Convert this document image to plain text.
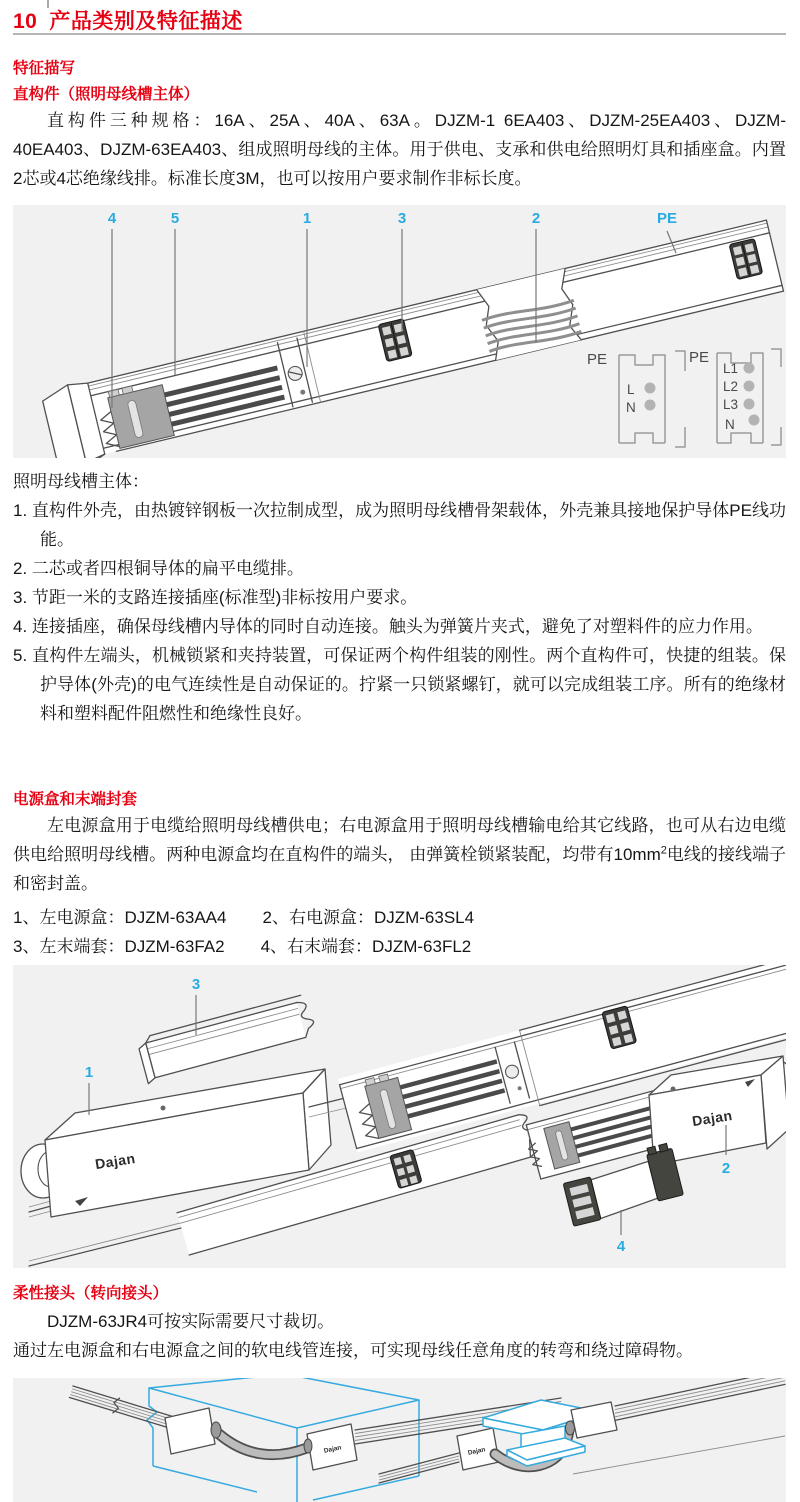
10 产品类别及特征描述
特征描写
直构件（照明母线槽主体）
直构件三种规格：16A、25A、40A、63A。DJZM-1 6EA403、DJZM-25EA403、DJZM-40EA403、DJZM-63EA403、组成照明母线的主体。用于供电、支承和供电给照明灯具和插座盒。内置2芯或4芯绝缘线排。标准长度3M，也可以按用户要求制作非标长度。
4	5	1	3	2	PE
PE
L
N
PE
L1
L2
L3
N
照明母线槽主体：
1. 直构件外壳，由热镀锌钢板一次拉制成型，成为照明母线槽骨架载体，外壳兼具接地保护导体PE线功能。
2. 二芯或者四根铜导体的扁平电缆排。
3. 节距一米的支路连接插座(标准型)非标按用户要求。
4. 连接插座，确保母线槽内导体的同时自动连接。触头为弹簧片夹式，避免了对塑料件的应力作用。
5. 直构件左端头，机械锁紧和夹持装置，可保证两个构件组装的刚性。两个直构件可，快捷的组装。保护导体(外壳)的电气连续性是自动保证的。拧紧一只锁紧螺钉，就可以完成组装工序。所有的绝缘材料和塑料配件阻燃性和绝缘性良好。
电源盒和末端封套
左电源盒用于电缆给照明母线槽供电；右电源盒用于照明母线槽输电给其它线路，也可从右边电缆供电给照明母线槽。两种电源盒均在直构件的端头， 由弹簧栓锁紧装配，均带有$10mm^2$电线的接线端子和密封盖。
1、左电源盒：DJZM-63AA4 2、右电源盒：DJZM-63SL4
3、左末端套：DJZM-63FA2 4、右末端套：DJZM-63FL2
Dajan
Dajan
1
3
2
4
柔性接头（转向接头）
DJZM-63JR4可按实际需要尺寸裁切。
通过左电源盒和右电源盒之间的软电线管连接，可实现母线任意角度的转弯和绕过障碍物。
Dajan	Dajan
